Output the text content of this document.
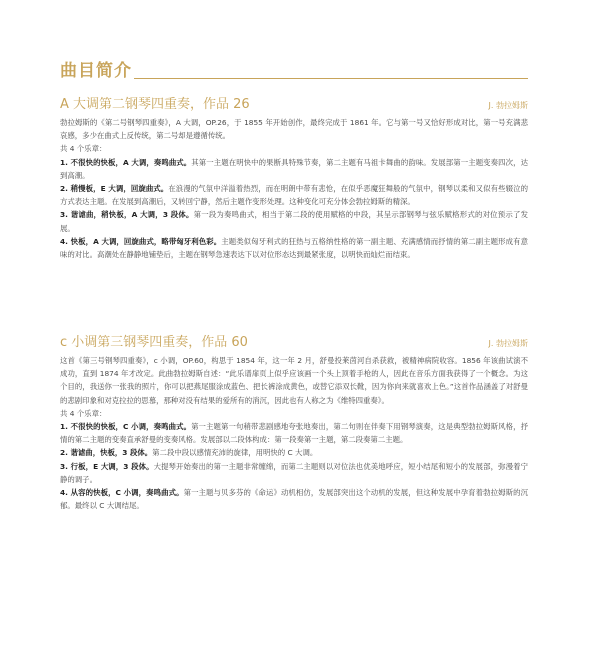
曲目简介
A 大调第二钢琴四重奏，作品 26	J. 勃拉姆斯

勃拉姆斯的《第二号钢琴四重奏》，A 大调，OP.26，于 1855 年开始创作，最终完成于 1861 年。它与第一号又恰好形成对比，第一号充满悲哀感，多少在曲式上反传统，第二号却是遵循传统。

共 4 个乐章：

1. 不很快的快板，A 大调，奏鸣曲式。其第一主题在明快中的果断具特殊节奏，第二主题有马祖卡舞曲的韵味。发展部第一主题变奏四次，达到高潮。

2. 稍慢板，E 大调，回旋曲式。在浪漫的气氛中洋溢着热烈，而在明朗中带有悲怆，在似乎恶魔狂舞般的气氛中，钢琴以柔和又似有些辍泣的方式表达主题。在发展到高潮后，又转回宁静，然后主题作变形处理。这种变化可充分体会勃拉姆斯的精深。

3. 谐谑曲，稍快板，A 大调，3 段体。第一段为奏鸣曲式，相当于第二段的使用赋格的中段，其呈示部钢琴与弦乐赋格形式的对位预示了发展。

4. 快板，A 大调，回旋曲式，略带匈牙利色彩。主题类似匈牙利式的狂热与五格纳性格的第一副主题、充满感情而抒情的第二副主题形成有意味的对比。高潮处在静静地铺垫后，主题在钢琴急速表达下以对位形态达到最紧张度，以明快而灿烂而结束。

c 小调第三钢琴四重奏，作品 60	J. 勃拉姆斯

这首《第三号钢琴四重奏》，c 小调，OP.60，构思于 1854 年，这一年 2 月，舒曼投莱茵河自杀获救，被精神病院收容。1856 年该曲试演不成功，直到 1874 年才改定。此曲勃拉姆斯自述：“此乐谱扉页上似乎应该画一个头上顶着手枪的人，因此在音乐方面我获得了一个概念。为这个目的，我送你一张我的照片，你可以把燕尾服涂成蓝色、把长裤涂成黄色，或替它添双长靴，因为你向来就喜欢上色。”这首作品涵盖了对舒曼的悲剧印象和对克拉拉的思慕，那种对没有结果的爱所有的消沉，因此也有人称之为《维特四重奏》。

共 4 个乐章：

1. 不很快的快板，C 小调，奏鸣曲式。第一主题第一句稍带悲剧感地夸张地奏出，第二句则在伴奏下用钢琴演奏，这是典型勃拉姆斯风格，抒情的第二主题的变奏直承舒曼的变奏风格。发展部以二段体构成：第一段奏第一主题，第二段奏第二主题。

2. 谐谑曲，快板，3 段体。第二段中段以感情充沛的旋律，用明快的 C 大调。

3. 行板，E 大调，3 段体。大提琴开始奏出的第一主题非常缠绵，而第二主题则以对位法也优美地呼应，短小结尾和短小的发展部，弥漫着宁静的调子。

4. 从容的快板，C 小调，奏鸣曲式。第一主题与贝多芬的《命运》动机相仿，发展部突出这个动机的发展，但这种发展中孕育着勃拉姆斯的沉郁。最终以 C 大调结尾。
